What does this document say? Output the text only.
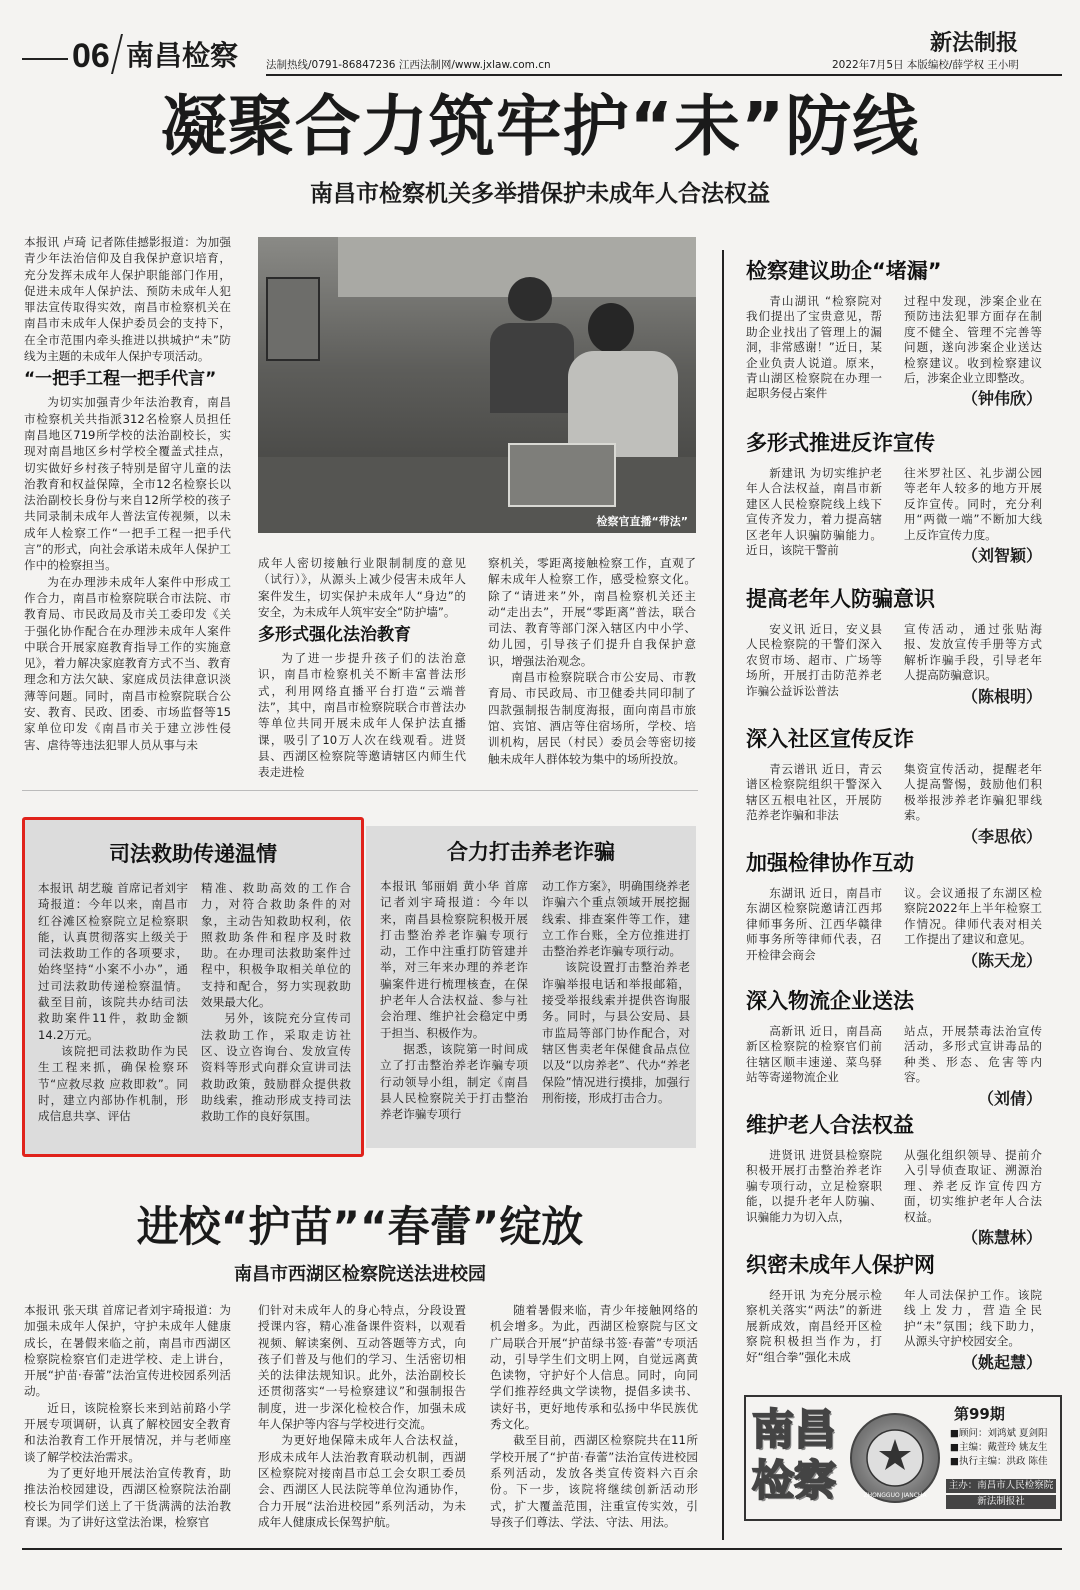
06 南昌检察	法制热线/0791-86847236 江西法制网/www.jxlaw.com.cn
新法制报
2022年7月5日 本版编校/薛学权 王小明
凝聚合力筑牢护“未”防线
南昌市检察机关多举措保护未成年人合法权益

本报讯 卢琦 记者陈佳撼影报道：为加强青少年法治信仰及自我保护意识培育，充分发挥未成年人保护职能部门作用，促进未成年人保护法、预防未成年人犯罪法宣传取得实效，南昌市检察机关在南昌市未成年人保护委员会的支持下，在全市范围内牵头推进以拱城护“未”防线为主题的未成年人保护专项活动。

“一把手工程一把手代言”

为切实加强青少年法治教育，南昌市检察机关共指派312名检察人员担任南昌地区719所学校的法治副校长，实现对南昌地区乡村学校全覆盖式挂点，切实做好乡村孩子特别是留守儿童的法治教育和权益保障，全市12名检察长以法治副校长身份与来自12所学校的孩子共同录制未成年人普法宣传视频，以未成年人检察工作“一把手工程一把手代言”的形式，向社会承诺未成年人保护工作中的检察担当。

为在办理涉未成年人案件中形成工作合力，南昌市检察院联合市法院、市教育局、市民政局及市关工委印发《关于强化协作配合在办理涉未成年人案件中联合开展家庭教育指导工作的实施意见》，着力解决家庭教育方式不当、教育理念和方法欠缺、家庭成员法律意识淡薄等问题。同时，南昌市检察院联合公安、教育、民政、团委、市场监督等15家单位印发《南昌市关于建立涉性侵害、虐待等违法犯罪人员从事与未

检察官直播“带法”

成年人密切接触行业限制制度的意见（试行）》，从源头上减少侵害未成年人案件发生，切实保护未成年人“身边”的安全，为未成年人筑牢安全“防护墙”。

多形式强化法治教育

为了进一步提升孩子们的法治意识，南昌市检察机关不断丰富普法形式，利用网络直播平台打造“云端普法”，其中，南昌市检察院联合市普法办等单位共同开展未成年人保护法直播课，吸引了10万人次在线观看。进贤县、西湖区检察院等邀请辖区内师生代表走进检

察机关，零距离接触检察工作，直观了解未成年人检察工作，感受检察文化。除了“请进来”外，南昌检察机关还主动“走出去”，开展“零距离”普法，联合司法、教育等部门深入辖区内中小学、幼儿园，引导孩子们提升自我保护意识，增强法治观念。

南昌市检察院联合市公安局、市教育局、市民政局、市卫健委共同印制了四款强制报告制度海报，面向南昌市旅馆、宾馆、酒店等住宿场所，学校、培训机构，居民（村民）委员会等密切接触未成年人群体较为集中的场所投放。

司法救助传递温情

本报讯 胡艺璇 首席记者刘宇琦报道：今年以来，南昌市红谷滩区检察院立足检察职能，认真贯彻落实上级关于司法救助工作的各项要求，始终坚持“小案不小办”，通过司法救助传递检察温情。截至目前，该院共办结司法救助案件11件，救助金额14.2万元。

该院把司法救助作为民生工程来抓，确保检察环节“应救尽救 应救即救”。同时，建立内部协作机制，形成信息共享、评估

精准、救助高效的工作合力，对符合救助条件的对象，主动告知救助权利，依照救助条件和程序及时救助。在办理司法救助案件过程中，积极争取相关单位的支持和配合，努力实现救助效果最大化。

另外，该院充分宣传司法救助工作，采取走访社区、设立咨询台、发放宣传资料等形式向群众宣讲司法救助政策，鼓励群众提供救助线索，推动形成支持司法救助工作的良好氛围。

合力打击养老诈骗

本报讯 邹丽娟 黄小华 首席记者刘宇琦报道：今年以来，南昌县检察院积极开展打击整治养老诈骗专项行动，工作中注重打防管建并举，对三年来办理的养老诈骗案件进行梳理核查，在保护老年人合法权益、参与社会治理、维护社会稳定中勇于担当、积极作为。

据悉，该院第一时间成立了打击整治养老诈骗专项行动领导小组，制定《南昌县人民检察院关于打击整治养老诈骗专项行

动工作方案》，明确围绕养老诈骗六个重点领域开展挖掘线索、排查案件等工作，建立工作台账，全方位推进打击整治养老诈骗专项行动。

该院设置打击整治养老诈骗举报电话和举报邮箱，接受举报线索并提供咨询服务。同时，与县公安局、县市监局等部门协作配合，对辖区售卖老年保健食品点位以及“以房养老”、代办“养老保险”情况进行摸排，加强行刑衔接，形成打击合力。

进校“护苗”“春蕾”绽放
南昌市西湖区检察院送法进校园

本报讯 张天琪 首席记者刘宇琦报道：为加强未成年人保护，守护未成年人健康成长，在暑假来临之前，南昌市西湖区检察院检察官们走进学校、走上讲台，开展“护苗·春蕾”法治宣传进校园系列活动。

近日，该院检察长来到站前路小学开展专项调研，认真了解校园安全教育和法治教育工作开展情况，并与老师座谈了解学校法治需求。

为了更好地开展法治宣传教育，助推法治校园建设，西湖区检察院法治副校长为同学们送上了干货满满的法治教育课。为了讲好这堂法治课，检察官

们针对未成年人的身心特点，分段设置授课内容，精心准备课件资料，以观看视频、解读案例、互动答题等方式，向孩子们普及与他们的学习、生活密切相关的法律法规知识。此外，法治副校长还贯彻落实“一号检察建议”和强制报告制度，进一步深化检校合作，加强未成年人保护等内容与学校进行交流。

为更好地保障未成年人合法权益，形成未成年人法治教育联动机制，西湖区检察院对接南昌市总工会女职工委员会、西湖区人民法院等单位沟通协作，合力开展“法治进校园”系列活动，为未成年人健康成长保驾护航。

随着暑假来临，青少年接触网络的机会增多。为此，西湖区检察院与区文广局联合开展“护苗绿书签·春蕾”专项活动，引导学生们文明上网，自觉远离黄色读物，守护好个人信息。同时，向同学们推荐经典文学读物，提倡多读书、读好书，更好地传承和弘扬中华民族优秀文化。

截至目前，西湖区检察院共在11所学校开展了“护苗·春蕾”法治宣传进校园系列活动，发放各类宣传资料六百余份。下一步，该院将继续创新活动形式，扩大覆盖范围，注重宣传实效，引导孩子们尊法、学法、守法、用法。

检察建议助企“堵漏”

青山湖讯 “检察院对我们提出了宝贵意见，帮助企业找出了管理上的漏洞，非常感谢！”近日，某企业负责人说道。原来，青山湖区检察院在办理一起职务侵占案件

过程中发现，涉案企业在预防违法犯罪方面存在制度不健全、管理不完善等问题，遂向涉案企业送达检察建议。收到检察建议后，涉案企业立即整改。

（钟伟欣）
多形式推进反诈宣传

新建讯 为切实维护老年人合法权益，南昌市新建区人民检察院线上线下宣传齐发力，着力提高辖区老年人识骗防骗能力。近日，该院干警前

往米罗社区、礼步湖公园等老年人较多的地方开展反诈宣传。同时，充分利用“两微一端”不断加大线上反诈宣传力度。

（刘智颖）
提高老年人防骗意识

安义讯 近日，安义县人民检察院的干警们深入农贸市场、超市、广场等场所，开展打击防范养老诈骗公益诉讼普法

宣传活动，通过张贴海报、发放宣传手册等方式解析诈骗手段，引导老年人提高防骗意识。

（陈根明）
深入社区宣传反诈

青云谱讯 近日，青云谱区检察院组织干警深入辖区五根电社区，开展防范养老诈骗和非法

集资宣传活动，提醒老年人提高警惕，鼓励他们积极举报涉养老诈骗犯罪线索。

（李思依）
加强检律协作互动

东湖讯 近日，南昌市东湖区检察院邀请江西邦律师事务所、江西华赣律师事务所等律师代表，召开检律会商会

议。会议通报了东湖区检察院2022年上半年检察工作情况。律师代表对相关工作提出了建议和意见。

（陈天龙）
深入物流企业送法

高新讯 近日，南昌高新区检察院的检察官们前往辖区顺丰速递、菜鸟驿站等寄递物流企业

站点，开展禁毒法治宣传活动，多形式宣讲毒品的种类、形态、危害等内容。

（刘倩）
维护老人合法权益

进贤讯 进贤县检察院积极开展打击整治养老诈骗专项行动，立足检察职能，以提升老年人防骗、识骗能力为切入点，

从强化组织领导、提前介入引导侦查取证、溯源治理、养老反诈宣传四方面，切实维护老年人合法权益。

（陈慧林）
织密未成年人保护网

经开讯 为充分展示检察机关落实“两法”的新进展新成效，南昌经开区检察院积极担当作为，打好“组合拳”强化未成

年人司法保护工作。该院线上发力，营造全民护“未”氛围；线下助力，从源头守护校园安全。

（姚起慧）
南昌
检察	ZHONGGUO JIANCHA
第99期
■顾问：刘鸿斌 夏剑阳
■主编：戴萱玲 姚友生
■执行主编：洪政 陈佳
主办：南昌市人民检察院
新法制报社
